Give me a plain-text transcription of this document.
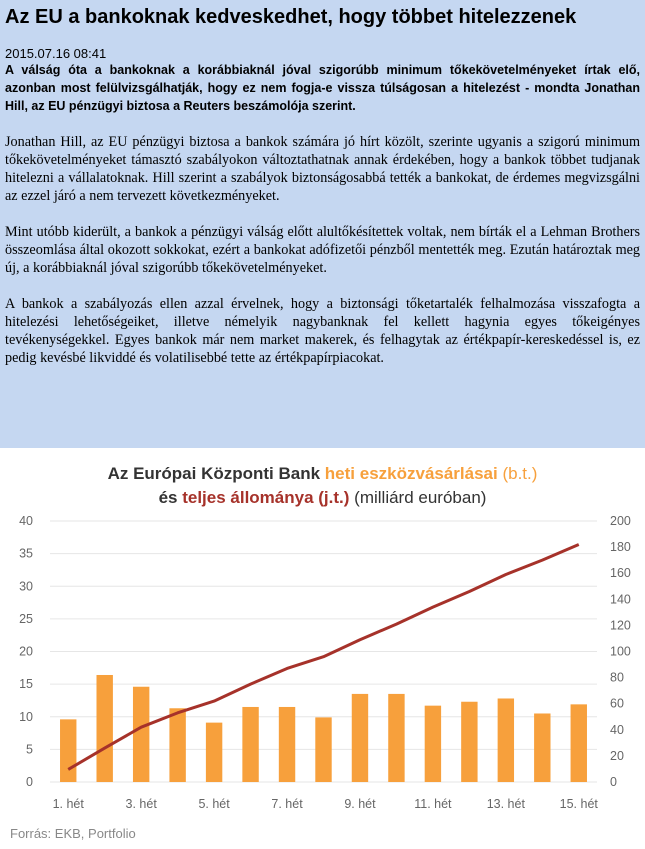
Az EU a bankoknak kedveskedhet, hogy többet hitelezzenek
2015.07.16 08:41

A válság óta a bankoknak a korábbiaknál jóval szigorúbb minimum tőkekövetelményeket írtak elő, azonban most felülvizsgálhatják, hogy ez nem fogja-e vissza túlságosan a hitelezést - mondta Jonathan Hill, az EU pénzügyi biztosa a Reuters beszámolója szerint.

Jonathan Hill, az EU pénzügyi biztosa a bankok számára jó hírt közölt, szerinte ugyanis a szigorú minimum tőkekövetelményeket támasztó szabályokon változtathatnak annak érdekében, hogy a bankok többet tudjanak hitelezni a vállalatoknak. Hill szerint a szabályok biztonságosabbá tették a bankokat, de érdemes megvizsgálni az ezzel járó a nem tervezett következményeket.

Mint utóbb kiderült, a bankok a pénzügyi válság előtt alultőkésítettek voltak, nem bírták el a Lehman Brothers összeomlása által okozott sokkokat, ezért a bankokat adófizetői pénzből mentették meg. Ezután határoztak meg új, a korábbiaknál jóval szigorúbb tőkekövetelményeket.

A bankok a szabályozás ellen azzal érvelnek, hogy a biztonsági tőketartalék felhalmozása visszafogta a hitelezési lehetőségeiket, illetve némelyik nagybanknak fel kellett hagynia egyes tőkeigényes tevékenységekkel. Egyes bankok már nem market makerek, és felhagytak az értékpapír-kereskedéssel is, ez pedig kevésbé likviddé és volatilisebbé tette az értékpapírpiacokat.

Az Európai Központi Bank heti eszközvásárlásai (b.t.)
és teljes állománya (j.t.) (milliárd euróban)
0
5
10
15
20
25
30
35
40
0
20
40
60
80
100
120
140
160
180
200
1. hét	3. hét	5. hét	7. hét	9. hét	11. hét	13. hét	15. hét
Forrás: EKB, Portfolio
